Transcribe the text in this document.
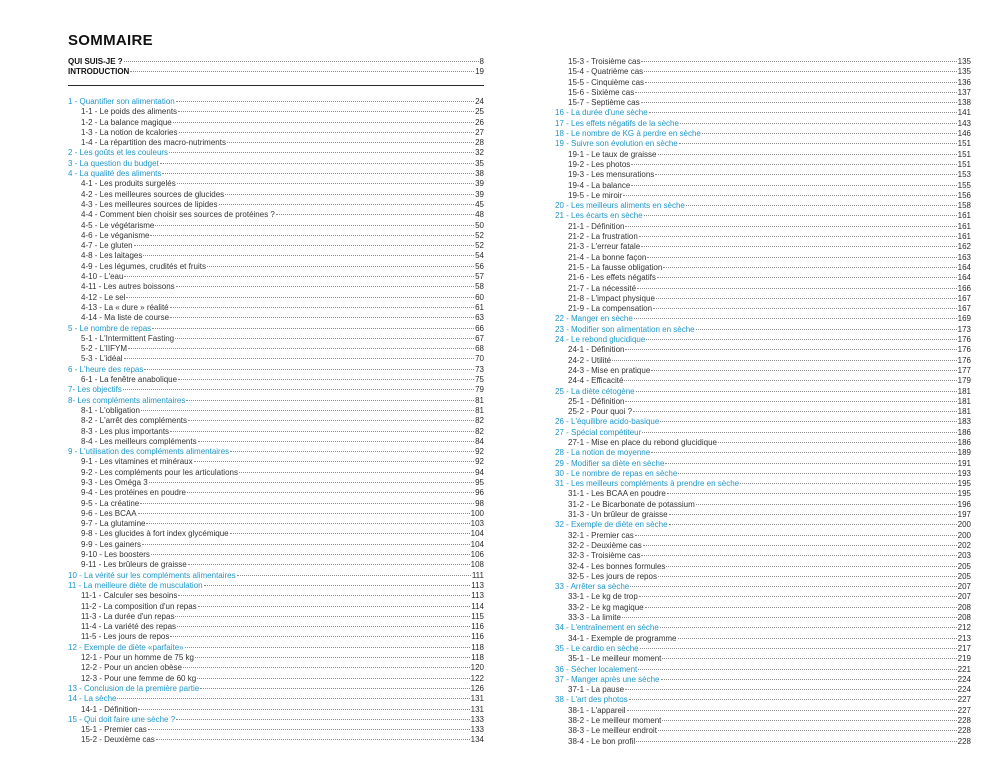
SOMMAIRE
QUI SUIS-JE ?	8
INTRODUCTION	19
1 - Quantifier son alimentation	24
1-1 - Le poids des aliments	25
1-2 - La balance magique	26
1-3 - La notion de kcalories	27
1-4 - La répartition des macro-nutriments	28
2 - Les goûts et les couleurs	32
3 - La question du budget	35
4 - La qualité des aliments	38
4-1 - Les produits surgelés	39
4-2 - Les meilleures sources de glucides	39
4-3 - Les meilleures sources de lipides	45
4-4 - Comment bien choisir ses sources de protéines ?	48
4-5 - Le végétarisme	50
4-6 - Le véganisme	52
4-7 - Le gluten	52
4-8 - Les laitages	54
4-9 - Les légumes, crudités et fruits	56
4-10 - L'eau	57
4-11 - Les autres boissons	58
4-12 - Le sel	60
4-13 - La « dure » réalité	61
4-14 - Ma liste de course	63
5 - Le nombre de repas	66
5-1 - L'Intermittent Fasting	67
5-2 - L'IIFYM	68
5-3 - L'idéal	70
6 - L'heure des repas	73
6-1 - La fenêtre anabolique	75
7- Les objectifs	79
8- Les compléments alimentaires	81
8-1 - L'obligation	81
8-2 - L'arrêt des compléments	82
8-3 - Les plus importants	82
8-4 - Les meilleurs compléments	84
9 - L'utilisation des compléments alimentaires	92
9-1 - Les vitamines et minéraux	92
9-2 - Les compléments pour les articulations	94
9-3 - Les Oméga 3	95
9-4 - Les protéines en poudre	96
9-5 - La créatine	98
9-6 - Les BCAA	100
9-7 - La glutamine	103
9-8 - Les glucides à fort index glycémique	104
9-9 - Les gainers	104
9-10 - Les boosters	106
9-11 - Les brûleurs de graisse	108
10 - La vérité sur les compléments alimentaires	111
11 - La meilleure diète de musculation	113
11-1 - Calculer ses besoins	113
11-2 - La composition d'un repas	114
11-3 - La durée d'un repas	115
11-4 - La variété des repas	116
11-5 - Les jours de repos	116
12 - Exemple de diète «parfaite»	118
12-1 - Pour un homme de 75 kg	118
12-2 - Pour un ancien obèse	120
12-3 - Pour une femme de 60 kg	122
13 - Conclusion de la première partie	126
14 - La sèche	131
14-1 - Définition	131
15 - Qui doit faire une sèche ?	133
15-1 - Premier cas	133
15-2 - Deuxième cas	134
15-3 - Troisième cas	135
15-4 - Quatrième cas	135
15-5 - Cinquième cas	136
15-6 - Sixième cas	137
15-7 - Septième cas	138
16 - La durée d'une sèche	141
17 - Les effets négatifs de la sèche	143
18 - Le nombre de KG à perdre en sèche	146
19 - Suivre son évolution en sèche	151
19-1 - Le taux de graisse	151
19-2 - Les photos	151
19-3 - Les mensurations	153
19-4 - La balance	155
19-5 - Le miroir	156
20 - Les meilleurs aliments en sèche	158
21 - Les écarts en sèche	161
21-1 - Définition	161
21-2 - La frustration	161
21-3 - L'erreur fatale	162
21-4 - La bonne façon	163
21-5 - La fausse obligation	164
21-6 - Les effets négatifs	164
21-7 - La nécessité	166
21-8 - L'impact physique	167
21-9 - La compensation	167
22 - Manger en sèche	169
23 - Modifier son alimentation en sèche	173
24 - Le rebond glucidique	176
24-1 - Définition	176
24-2 - Utilité	176
24-3 - Mise en pratique	177
24-4 - Efficacité	179
25 - La diète cétogène	181
25-1 - Définition	181
25-2 - Pour quoi ?	181
26 - L'équilibre acido-basique	183
27 - Spécial compétiteur	186
27-1 - Mise en place du rebond glucidique	186
28 - La notion de moyenne	189
29 - Modifier sa diète en sèche	191
30 - Le nombre de repas en sèche	193
31 - Les meilleurs compléments à prendre en sèche	195
31-1 - Les BCAA en poudre	195
31-2 - Le Bicarbonate de potassium	196
31-3 - Un brûleur de graisse	197
32 - Exemple de diète en sèche	200
32-1 - Premier cas	200
32-2 - Deuxième cas	202
32-3 - Troisième cas	203
32-4 - Les bonnes formules	205
32-5 - Les jours de repos	205
33 - Arrêter sa sèche	207
33-1 - Le kg de trop	207
33-2 - Le kg magique	208
33-3 - La limite	208
34 - L'entraînement en sèche	212
34-1 - Exemple de programme	213
35 - Le cardio en sèche	217
35-1 - Le meilleur moment	219
36 - Sécher localement	221
37 - Manger après une sèche	224
37-1 - La pause	224
38 - L'art des photos	227
38-1 - L'appareil	227
38-2 - Le meilleur moment	228
38-3 - Le meilleur endroit	228
38-4 - Le bon profil	228
